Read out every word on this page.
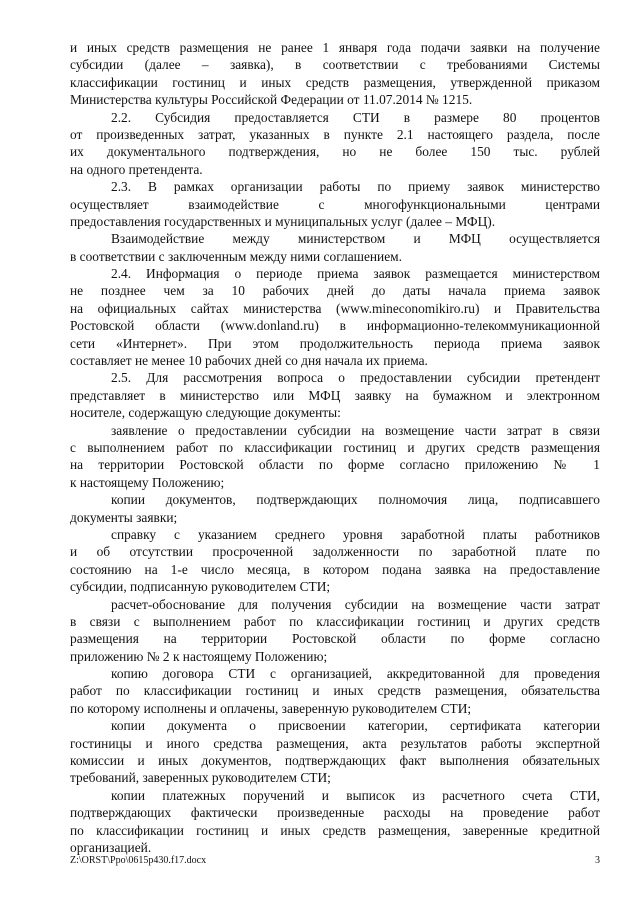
и иных средств размещения не ранее 1 января года подачи заявки на получение
субсидии (далее – заявка), в соответствии с требованиями Системы
классификации гостиниц и иных средств размещения, утвержденной приказом
Министерства культуры Российской Федерации от 11.07.2014 № 1215.
2.2. Субсидия предоставляется СТИ в размере 80 процентов
от произведенных затрат, указанных в пункте 2.1 настоящего раздела, после
их документального подтверждения, но не более 150 тыс. рублей
на одного претендента.
2.3. В рамках организации работы по приему заявок министерство
осуществляет взаимодействие с многофункциональными центрами
предоставления государственных и муниципальных услуг (далее – МФЦ).
Взаимодействие между министерством и МФЦ осуществляется
в соответствии с заключенным между ними соглашением.
2.4. Информация о периоде приема заявок размещается министерством
не позднее чем за 10 рабочих дней до даты начала приема заявок
на официальных сайтах министерства (www.mineconomikiro.ru) и Правительства
Ростовской области (www.donland.ru) в информационно-телекоммуникационной
сети «Интернет». При этом продолжительность периода приема заявок
составляет не менее 10 рабочих дней со дня начала их приема.
2.5. Для рассмотрения вопроса о предоставлении субсидии претендент
представляет в министерство или МФЦ заявку на бумажном и электронном
носителе, содержащую следующие документы:
заявление о предоставлении субсидии на возмещение части затрат в связи
с выполнением работ по классификации гостиниц и других средств размещения
на территории Ростовской области по форме согласно приложению № 1
к настоящему Положению;
копии документов, подтверждающих полномочия лица, подписавшего
документы заявки;
справку с указанием среднего уровня заработной платы работников
и об отсутствии просроченной задолженности по заработной плате по
состоянию на 1-е число месяца, в котором подана заявка на предоставление
субсидии, подписанную руководителем СТИ;
расчет-обоснование для получения субсидии на возмещение части затрат
в связи с выполнением работ по классификации гостиниц и других средств
размещения на территории Ростовской области по форме согласно
приложению № 2 к настоящему Положению;
копию договора СТИ с организацией, аккредитованной для проведения
работ по классификации гостиниц и иных средств размещения, обязательства
по которому исполнены и оплачены, заверенную руководителем СТИ;
копии документа о присвоении категории, сертификата категории
гостиницы и иного средства размещения, акта результатов работы экспертной
комиссии и иных документов, подтверждающих факт выполнения обязательных
требований, заверенных руководителем СТИ;
копии платежных поручений и выписок из расчетного счета СТИ,
подтверждающих фактически произведенные расходы на проведение работ
по классификации гостиниц и иных средств размещения, заверенные кредитной
организацией.
Z:\ORST\Ppo\0615p430.f17.docx	3
